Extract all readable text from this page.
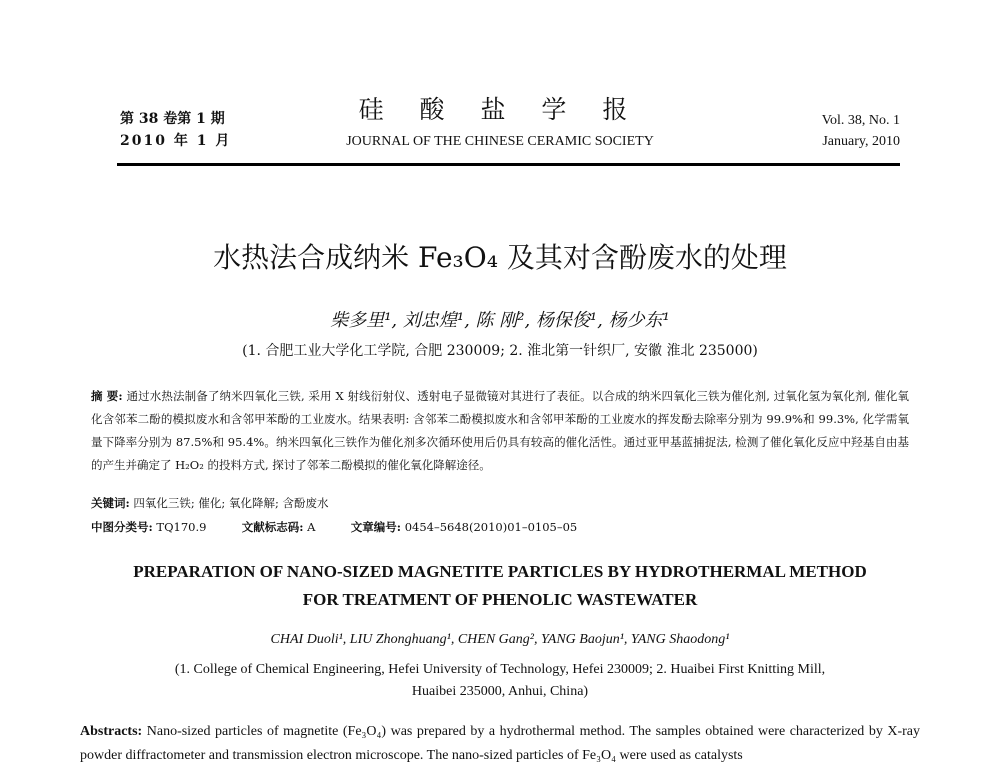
第 38 卷第 1 期
2010 年 1 月
硅 酸 盐 学 报
JOURNAL OF THE CHINESE CERAMIC SOCIETY
Vol. 38, No. 1
January, 2010
水热法合成纳米 Fe₃O₄ 及其对含酚废水的处理
柴多里¹, 刘忠煌¹, 陈 刚², 杨保俊¹, 杨少东¹
(1. 合肥工业大学化工学院, 合肥 230009; 2. 淮北第一针织厂, 安徽 淮北 235000)
摘 要: 通过水热法制备了纳米四氧化三铁, 采用 X 射线衍射仪、透射电子显微镜对其进行了表征。以合成的纳米四氧化三铁为催化剂, 过氧化氢为氧化剂, 催化氧化含邻苯二酚的模拟废水和含邻甲苯酚的工业废水。结果表明: 含邻苯二酚模拟废水和含邻甲苯酚的工业废水的挥发酚去除率分别为 99.9%和 99.3%, 化学需氧量下降率分别为 87.5%和 95.4%。纳米四氧化三铁作为催化剂多次循环使用后仍具有较高的催化活性。通过亚甲基蓝捕捉法, 检测了催化氧化反应中羟基自由基的产生并确定了 H₂O₂ 的投料方式, 探讨了邻苯二酚模拟的催化氧化降解途径。
关键词: 四氧化三铁; 催化; 氧化降解; 含酚废水
中图分类号: TQ170.9	文献标志码: A	文章编号: 0454–5648(2010)01–0105–05
PREPARATION OF NANO-SIZED MAGNETITE PARTICLES BY HYDROTHERMAL METHOD
FOR TREATMENT OF PHENOLIC WASTEWATER
CHAI Duoli¹, LIU Zhonghuang¹, CHEN Gang², YANG Baojun¹, YANG Shaodong¹
(1. College of Chemical Engineering, Hefei University of Technology, Hefei 230009; 2. Huaibei First Knitting Mill,
Huaibei 235000, Anhui, China)
Abstracts: Nano-sized particles of magnetite (Fe₃O₄) was prepared by a hydrothermal method. The samples obtained were characterized by X-ray powder diffractometer and transmission electron microscope. The nano-sized particles of Fe₃O₄ were used as catalysts
